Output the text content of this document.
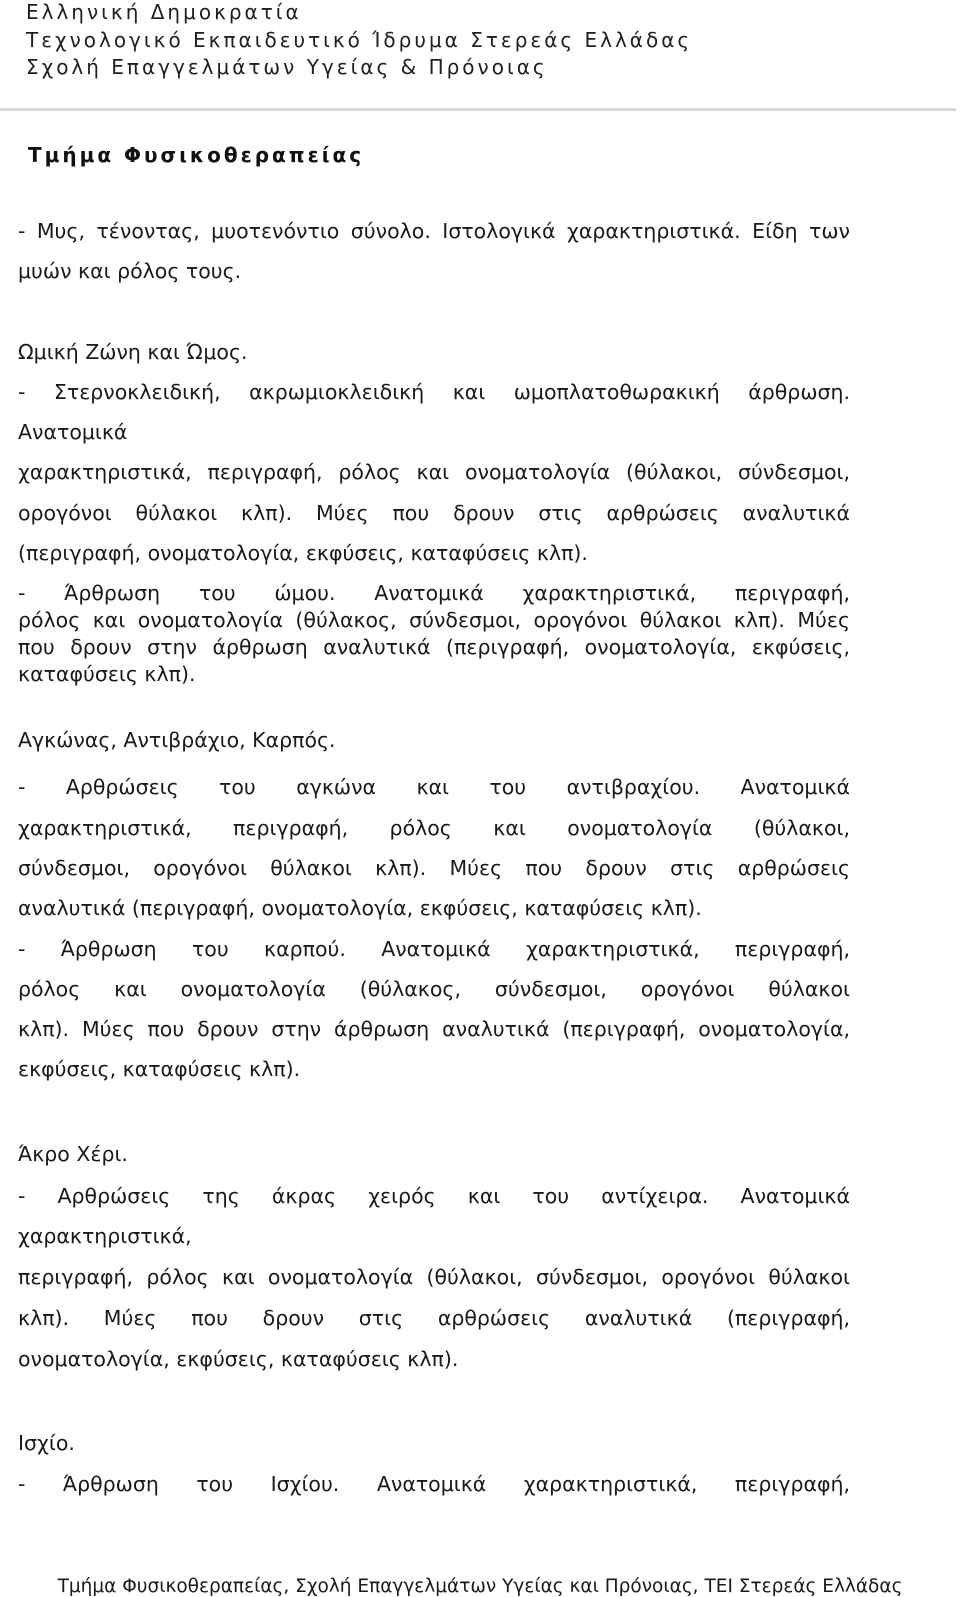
Ελληνική Δημοκρατία
Τεχνολογικό Εκπαιδευτικό Ίδρυμα Στερεάς Ελλάδας
Σχολή Επαγγελμάτων Υγείας & Πρόνοιας
Τμήμα Φυσικοθεραπείας
- Μυς, τένοντας, μυοτενόντιο σύνολο. Ιστολογικά χαρακτηριστικά. Είδη των
μυών και ρόλος τους.
Ωμική Ζώνη και Ώμος.
- Στερνοκλειδική, ακρωμιοκλειδική και ωμοπλατοθωρακική άρθρωση.
Ανατομικά
χαρακτηριστικά, περιγραφή, ρόλος και ονοματολογία (θύλακοι, σύνδεσμοι,
ορογόνοι θύλακοι κλπ). Μύες που δρουν στις αρθρώσεις αναλυτικά
(περιγραφή, ονοματολογία, εκφύσεις, καταφύσεις κλπ).
- Άρθρωση του ώμου. Ανατομικά χαρακτηριστικά, περιγραφή,
ρόλος και ονοματολογία (θύλακος, σύνδεσμοι, ορογόνοι θύλακοι κλπ). Μύες
που δρουν στην άρθρωση αναλυτικά (περιγραφή, ονοματολογία, εκφύσεις,
καταφύσεις κλπ).
Αγκώνας, Αντιβράχιο, Καρπός.
- Αρθρώσεις του αγκώνα και του αντιβραχίου. Ανατομικά
χαρακτηριστικά, περιγραφή, ρόλος και ονοματολογία (θύλακοι,
σύνδεσμοι, ορογόνοι θύλακοι κλπ). Μύες που δρουν στις αρθρώσεις
αναλυτικά (περιγραφή, ονοματολογία, εκφύσεις, καταφύσεις κλπ).
- Άρθρωση του καρπού. Ανατομικά χαρακτηριστικά, περιγραφή,
ρόλος και ονοματολογία (θύλακος, σύνδεσμοι, ορογόνοι θύλακοι
κλπ). Μύες που δρουν στην άρθρωση αναλυτικά (περιγραφή, ονοματολογία,
εκφύσεις, καταφύσεις κλπ).
Άκρο Χέρι.
- Αρθρώσεις της άκρας χειρός και του αντίχειρα. Ανατομικά
χαρακτηριστικά,
περιγραφή, ρόλος και ονοματολογία (θύλακοι, σύνδεσμοι, ορογόνοι θύλακοι
κλπ). Μύες που δρουν στις αρθρώσεις αναλυτικά (περιγραφή,
ονοματολογία, εκφύσεις, καταφύσεις κλπ).
Ισχίο.
- Άρθρωση του Ισχίου. Ανατομικά χαρακτηριστικά, περιγραφή,
Τμήμα Φυσικοθεραπείας, Σχολή Επαγγελμάτων Υγείας και Πρόνοιας, ΤΕΙ Στερεάς Ελλάδας
